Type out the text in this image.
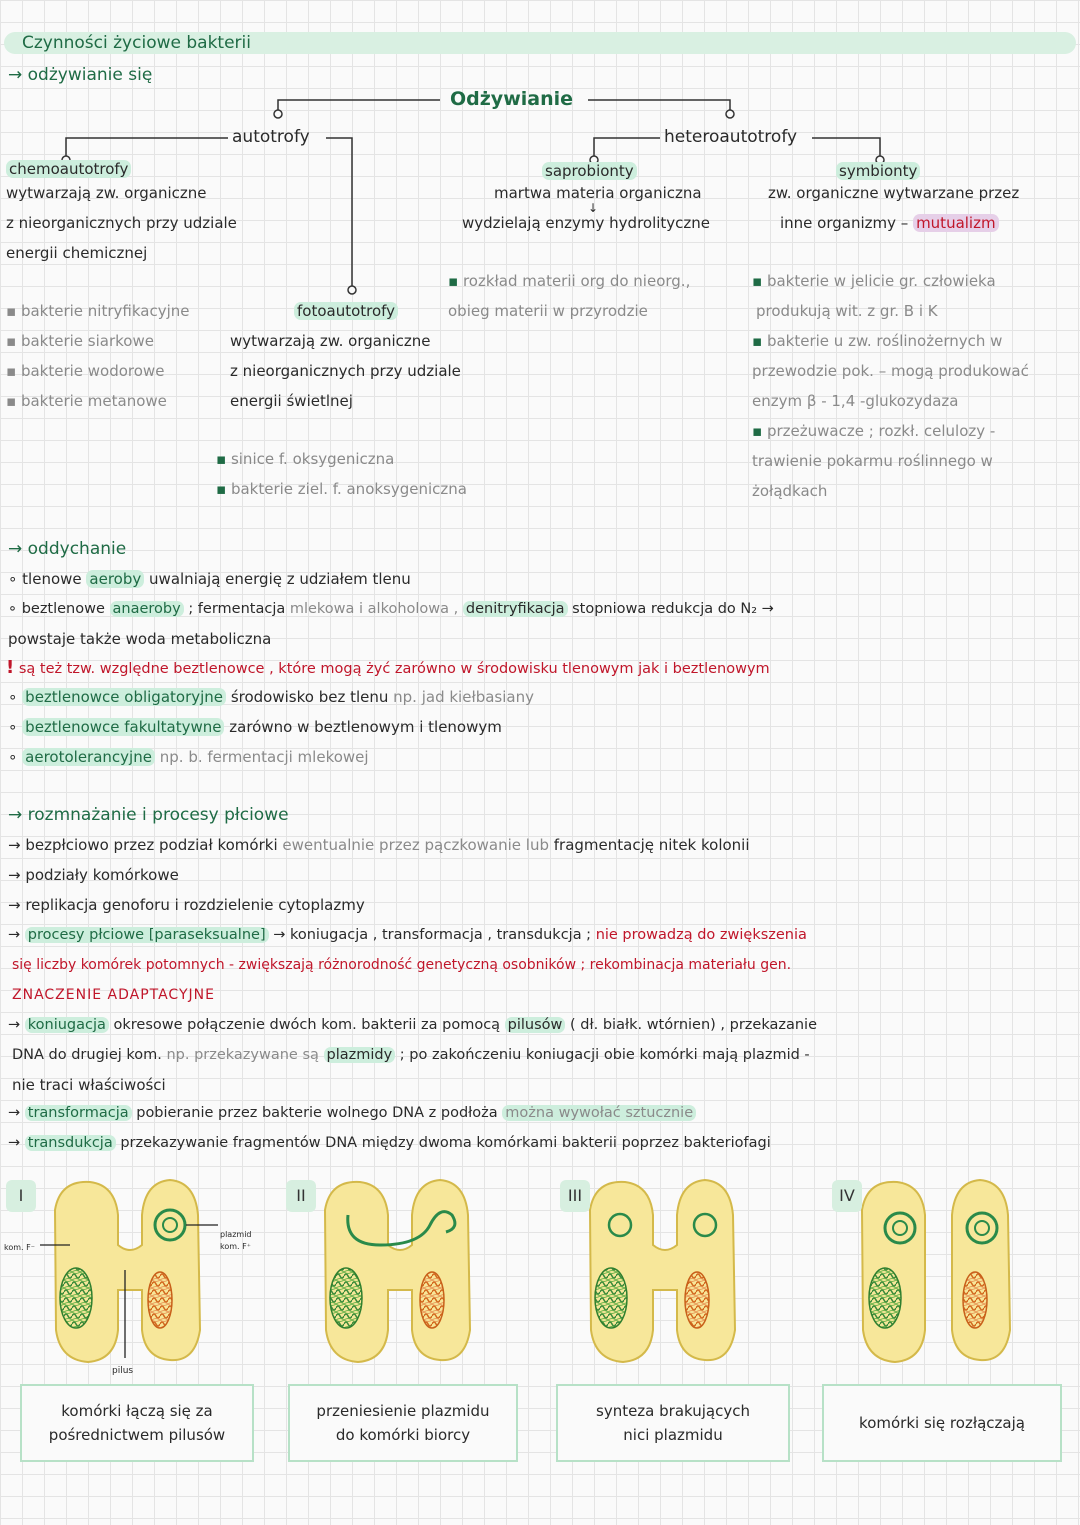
Czynności życiowe bakterii
→ odżywianie się
Odżywianie
autotrofy	heteroautotrofy
chemoautotrofy
wytwarzają zw. organiczne
z nieorganicznych przy udziale
energii chemicznej
▪ bakterie nitryfikacyjne
▪ bakterie siarkowe
▪ bakterie wodorowe
▪ bakterie metanowe
fotoautotrofy
wytwarzają zw. organiczne
z nieorganicznych przy udziale
energii świetlnej
▪ sinice f. oksygeniczna
▪ bakterie ziel. f. anoksygeniczna
saprobionty
martwa materia organiczna
↓
wydzielają enzymy hydrolityczne
▪ rozkład materii org do nieorg.,
obieg materii w przyrodzie
symbionty
zw. organiczne wytwarzane przez
inne organizmy – mutualizm
▪ bakterie w jelicie gr. człowieka
produkują wit. z gr. B i K
▪ bakterie u zw. roślinożernych w
przewodzie pok. – mogą produkować
enzym β - 1,4 -glukozydaza
▪ przeżuwacze ; rozkł. celulozy -
trawienie pokarmu roślinnego w
żołądkach
→ oddychanie
∘ tlenowe aeroby uwalniają energię z udziałem tlenu
∘ beztlenowe anaeroby ; fermentacja mlekowa i alkoholowa , denitryfikacja stopniowa redukcja do N₂ →
powstaje także woda metaboliczna
! są też tzw. względne beztlenowce , które mogą żyć zarówno w środowisku tlenowym jak i beztlenowym
∘ beztlenowce obligatoryjne środowisko bez tlenu np. jad kiełbasiany
∘ beztlenowce fakultatywne zarówno w beztlenowym i tlenowym
∘ aerotolerancyjne np. b. fermentacji mlekowej
→ rozmnażanie i procesy płciowe
→ bezpłciowo przez podział komórki ewentualnie przez pączkowanie lub fragmentację nitek kolonii
→ podziały komórkowe
→ replikacja genoforu i rozdzielenie cytoplazmy
→ procesy płciowe [paraseksualne] → koniugacja , transformacja , transdukcja ; nie prowadzą do zwiększenia
się liczby komórek potomnych - zwiększają różnorodność genetyczną osobników ; rekombinacja materiału gen.
ZNACZENIE ADAPTACYJNE
→ koniugacja okresowe połączenie dwóch kom. bakterii za pomocą pilusów ( dł. białk. wtórnien) , przekazanie
DNA do drugiej kom. np. przekazywane są plazmidy ; po zakończeniu koniugacji obie komórki mają plazmid -
nie traci właściwości
→ transformacja pobieranie przez bakterie wolnego DNA z podłoża można wywołać sztucznie
→ transdukcja przekazywanie fragmentów DNA między dwoma komórkami bakterii poprzez bakteriofagi
I	II	III	IV
kom. F⁻
plazmid
kom. F⁺
pilus
komórki łączą się za
pośrednictwem pilusów
przeniesienie plazmidu
do komórki biorcy
synteza brakujących
nici plazmidu
komórki się rozłączają
